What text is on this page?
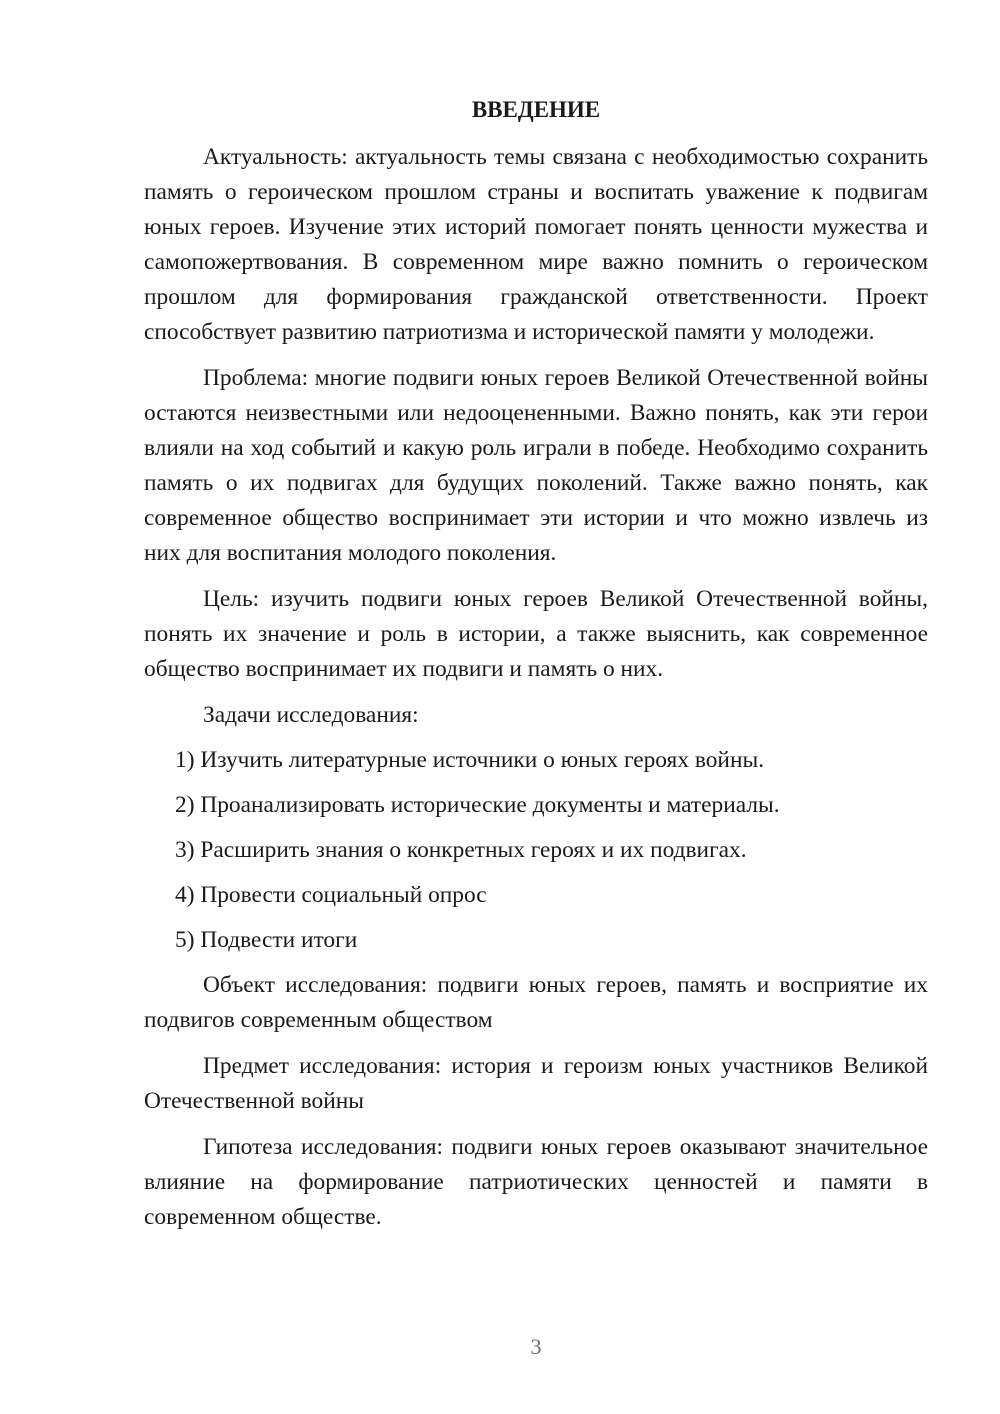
ВВЕДЕНИЕ

Актуальность: актуальность темы связана с необходимостью сохранить память о героическом прошлом страны и воспитать уважение к подвигам юных героев. Изучение этих историй помогает понять ценности мужества и самопожертвования. В современном мире важно помнить о героическом прошлом для формирования гражданской ответственности. Проект способствует развитию патриотизма и исторической памяти у молодежи.

Проблема: многие подвиги юных героев Великой Отечественной войны остаются неизвестными или недооцененными. Важно понять, как эти герои влияли на ход событий и какую роль играли в победе. Необходимо сохранить память о их подвигах для будущих поколений. Также важно понять, как современное общество воспринимает эти истории и что можно извлечь из них для воспитания молодого поколения.

Цель: изучить подвиги юных героев Великой Отечественной войны, понять их значение и роль в истории, а также выяснить, как современное общество воспринимает их подвиги и память о них.

Задачи исследования:

1) Изучить литературные источники о юных героях войны.

2) Проанализировать исторические документы и материалы.

3) Расширить знания о конкретных героях и их подвигах.

4) Провести социальный опрос

5) Подвести итоги

Объект исследования: подвиги юных героев, память и восприятие их подвигов современным обществом

Предмет исследования: история и героизм юных участников Великой Отечественной войны

Гипотеза исследования: подвиги юных героев оказывают значительное влияние на формирование патриотических ценностей и памяти в современном обществе.

3
